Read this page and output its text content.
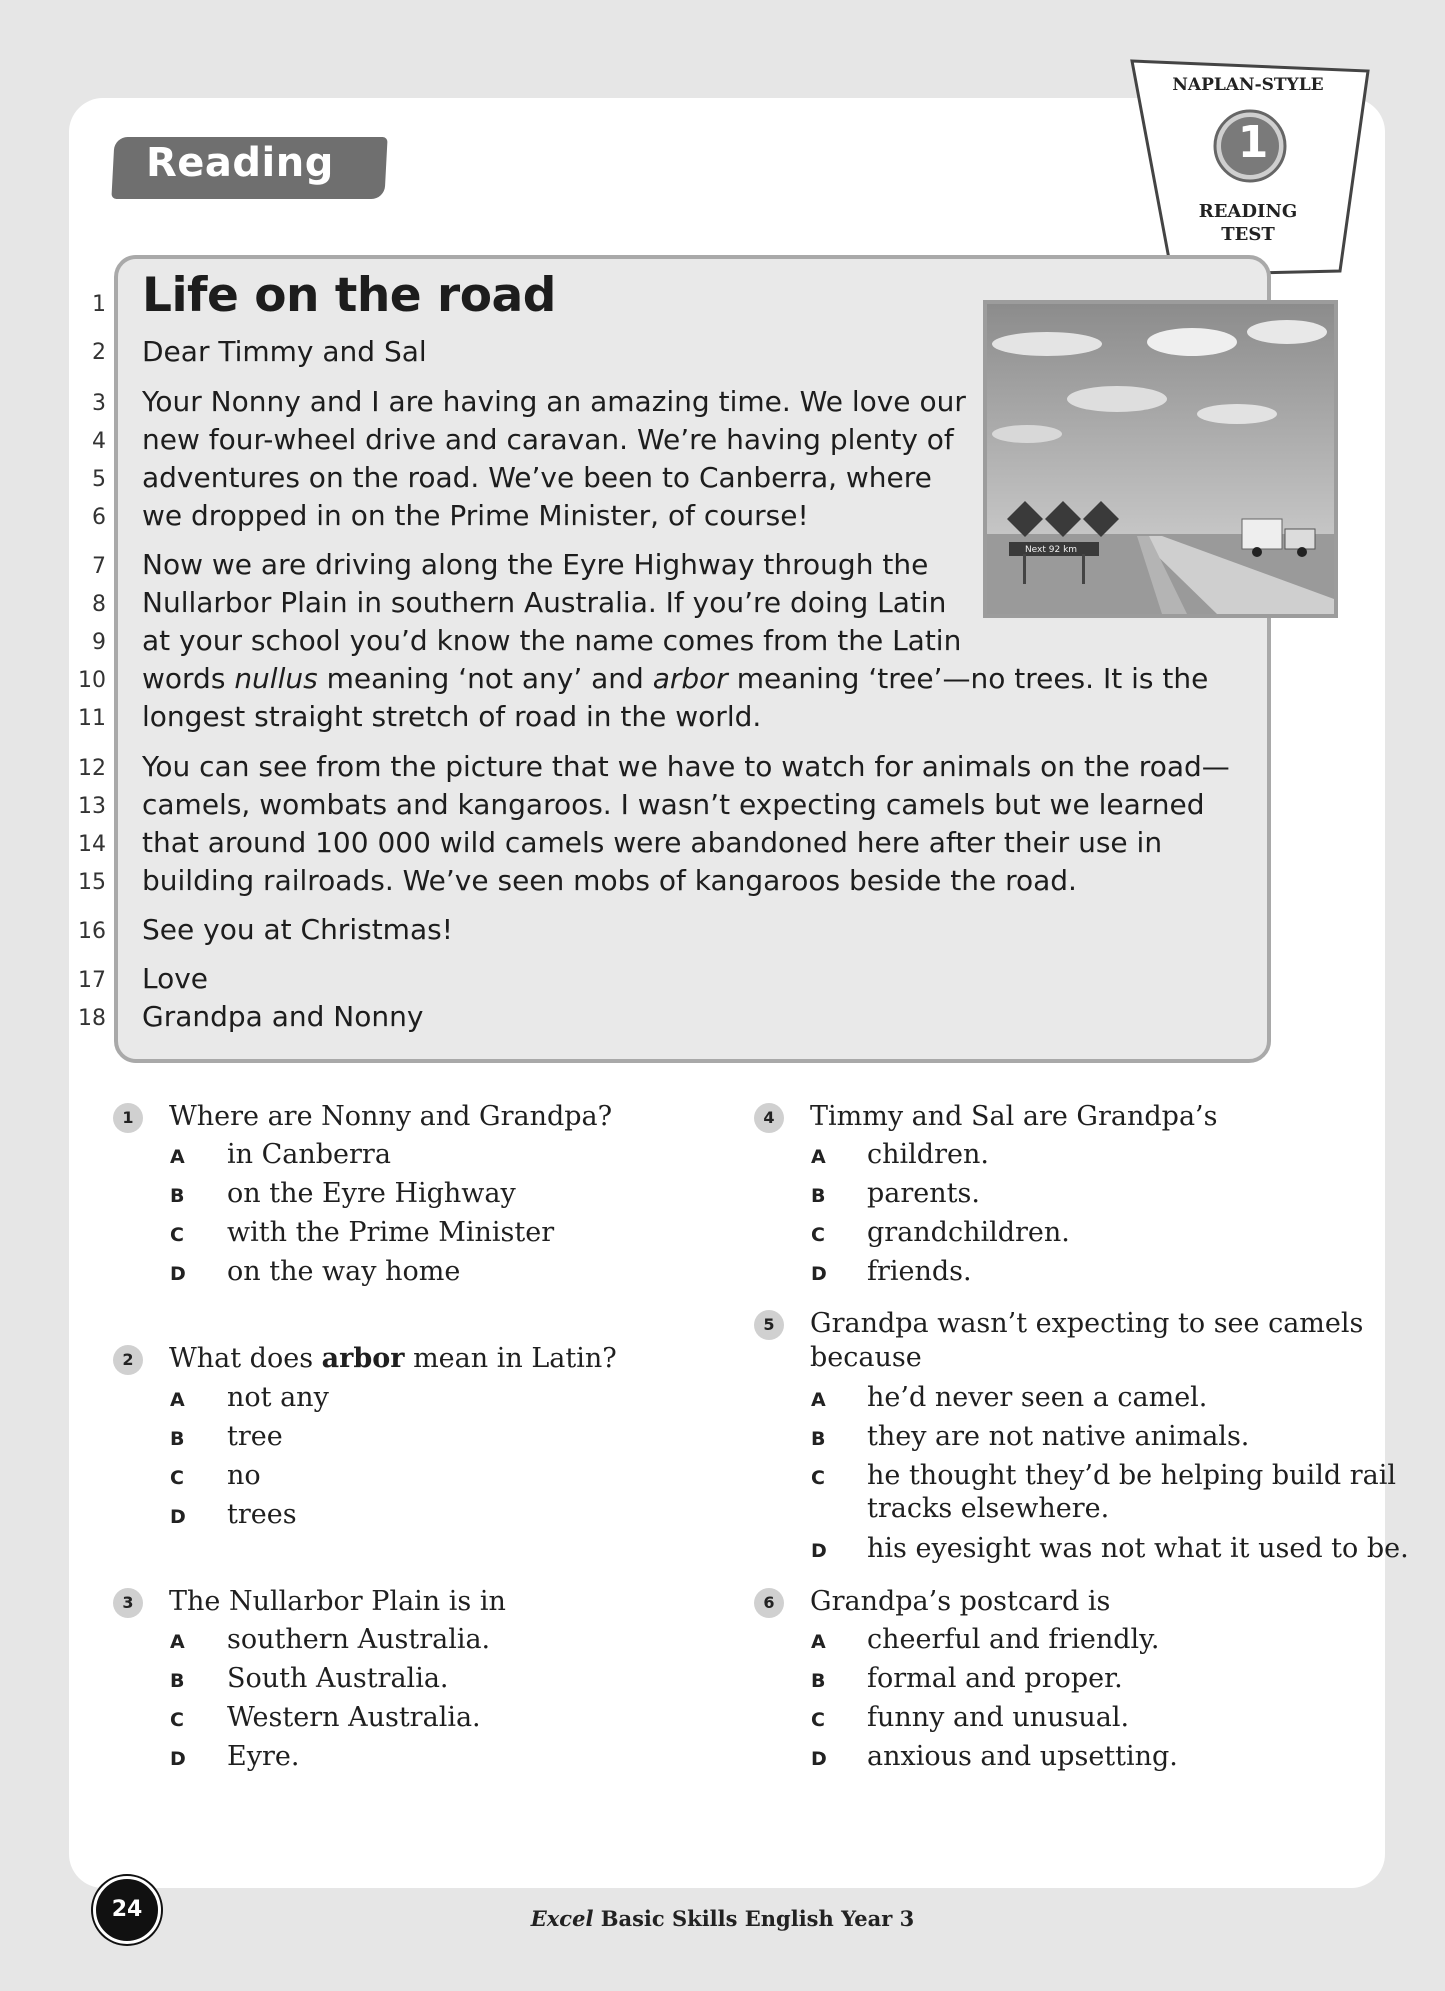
Reading
NAPLAN-STYLE
1
READING
TEST
1
2
3
4
5
6
7
8
9
10
11
12
13
14
15
16
17
18
Life on the road
Dear Timmy and Sal
Your Nonny and I are having an amazing time. We love our
new four-wheel drive and caravan. We’re having plenty of
adventures on the road. We’ve been to Canberra, where
we dropped in on the Prime Minister, of course!
Now we are driving along the Eyre Highway through the
Nullarbor Plain in southern Australia. If you’re doing Latin
at your school you’d know the name comes from the Latin
words nullus meaning ‘not any’ and arbor meaning ‘tree’—no trees. It is the
longest straight stretch of road in the world.
You can see from the picture that we have to watch for animals on the road—
camels, wombats and kangaroos. I wasn’t expecting camels but we learned
that around 100 000 wild camels were abandoned here after their use in
building railroads. We’ve seen mobs of kangaroos beside the road.
See you at Christmas!
Love
Grandpa and Nonny
Next 92 km
1	Where are Nonny and Grandpa?
A in Canberra
B on the Eyre Highway
C with the Prime Minister
D on the way home
2	What does arbor mean in Latin?
A not any
B tree
C no
D trees
3	The Nullarbor Plain is in
A southern Australia.
B South Australia.
C Western Australia.
D Eyre.
4	Timmy and Sal are Grandpa’s
A children.
B parents.
C grandchildren.
D friends.
5	Grandpa wasn’t expecting to see camels
because
A he’d never seen a camel.
B they are not native animals.
C he thought they’d be helping build rail
tracks elsewhere.
D his eyesight was not what it used to be.
6	Grandpa’s postcard is
A cheerful and friendly.
B formal and proper.
C funny and unusual.
D anxious and upsetting.
24	Excel Basic Skills English Year 3
